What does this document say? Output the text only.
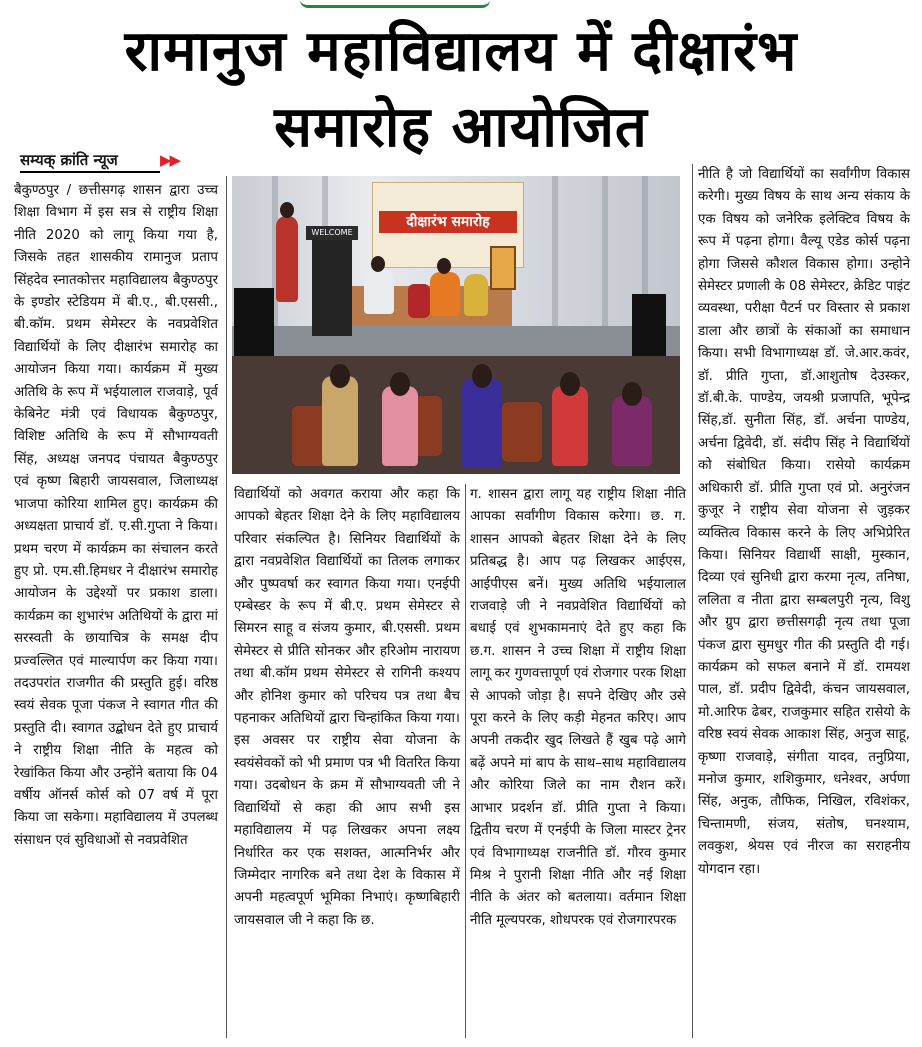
रामानुज महाविद्यालय में दीक्षारंभ
समारोह आयोजित
सम्यक् क्रांति न्यूज	▶▶
दीक्षारंभ समारोह
WELCOME
बैकुण्ठपुर / छत्तीसगढ़ शासन द्वारा उच्च शिक्षा विभाग में इस सत्र से राष्ट्रीय शिक्षा नीति 2020 को लागू किया गया है, जिसके तहत शासकीय रामानुज प्रताप सिंहदेव स्नातकोत्तर महाविद्यालय बैकुण्ठपुर के इण्डोर स्टेडियम में बी.ए., बी.एससी., बी.कॉम. प्रथम सेमेस्टर के नवप्रवेशित विद्यार्थियों के लिए दीक्षारंभ समारोह का आयोजन किया गया। कार्यक्रम में मुख्य अतिथि के रूप में भईयालाल राजवाड़े, पूर्व केबिनेट मंत्री एवं विधायक बैकुण्ठपुर, विशिष्ट अतिथि के रूप में सौभाग्यवती सिंह, अध्यक्ष जनपद पंचायत बैकुण्ठपुर एवं कृष्ण बिहारी जायसवाल, जिलाध्यक्ष भाजपा कोरिया शामिल हुए। कार्यक्रम की अध्यक्षता प्राचार्य डॉ. ए.सी.गुप्ता ने किया। प्रथम चरण में कार्यक्रम का संचालन करते हुए प्रो. एम.सी.हिमधर ने दीक्षारंभ समारोह आयोजन के उद्देश्यों पर प्रकाश डाला। कार्यक्रम का शुभारंभ अतिथियों के द्वारा मां सरस्वती के छायाचित्र के समक्ष दीप प्रज्वल्लित एवं माल्यार्पण कर किया गया। तदउपरांत राजगीत की प्रस्तुति हुई। वरिष्ठ स्वयं सेवक पूजा पंकज ने स्वागत गीत की प्रस्तुति दी। स्वागत उद्बोधन देते हुए प्राचार्य ने राष्ट्रीय शिक्षा नीति के महत्व को रेखांकित किया और उन्होंने बताया कि 04 वर्षीय ऑनर्स कोर्स को 07 वर्ष में पूरा किया जा सकेगा। महाविद्यालय में उपलब्ध संसाधन एवं सुविधाओं से नवप्रवेशित
विद्यार्थियों को अवगत कराया और कहा कि आपको बेहतर शिक्षा देने के लिए महाविद्यालय परिवार संकल्पित है। सिनियर विद्यार्थियों के द्वारा नवप्रवेशित विद्यार्थियों का तिलक लगाकर और पुष्पवर्षा कर स्वागत किया गया। एनईपी एम्बेस्डर के रूप में बी.ए. प्रथम सेमेस्टर से सिमरन साहू व संजय कुमार, बी.एससी. प्रथम सेमेस्टर से प्रीति सोनकर और हरिओम नारायण तथा बी.कॉम प्रथम सेमेस्टर से रागिनी कश्यप और होनिश कुमार को परिचय पत्र तथा बैच पहनाकर अतिथियों द्वारा चिन्हांकित किया गया। इस अवसर पर राष्ट्रीय सेवा योजना के स्वयंसेवकों को भी प्रमाण पत्र भी वितरित किया गया। उदबोधन के क्रम में सौभाग्यवती जी ने विद्यार्थियों से कहा की आप सभी इस महाविद्यालय में पढ़ लिखकर अपना लक्ष्य निर्धारित कर एक सशक्त, आत्मनिर्भर और जिम्मेदार नागरिक बने तथा देश के विकास में अपनी महत्वपूर्ण भूमिका निभाएं। कृष्णबिहारी जायसवाल जी ने कहा कि छ.
ग. शासन द्वारा लागू यह राष्ट्रीय शिक्षा नीति आपका सर्वांगीण विकास करेगा। छ. ग. शासन आपको बेहतर शिक्षा देने के लिए प्रतिबद्ध है। आप पढ़ लिखकर आईएस, आईपीएस बनें। मुख्य अतिथि भईयालाल राजवाड़े जी ने नवप्रवेशित विद्यार्थियों को बधाई एवं शुभकामनाएं देते हुए कहा कि छ.ग. शासन ने उच्च शिक्षा में राष्ट्रीय शिक्षा लागू कर गुणवत्तापूर्ण एवं रोजगार परक शिक्षा से आपको जोड़ा है। सपने देखिए और उसे पूरा करने के लिए कड़ी मेहनत करिए। आप अपनी तकदीर खुद लिखते हैं खुब पढ़े आगे बढ़ें अपने मां बाप के साथ–साथ महाविद्यालय और कोरिया जिले का नाम रौशन करें। आभार प्रदर्शन डॉ. प्रीति गुप्ता ने किया। द्वितीय चरण में एनईपी के जिला मास्टर ट्रेनर एवं विभागाध्यक्ष राजनीति डॉ. गौरव कुमार मिश्र ने पुरानी शिक्षा नीति और नई शिक्षा नीति के अंतर को बतलाया। वर्तमान शिक्षा नीति मूल्यपरक, शोधपरक एवं रोजगारपरक
नीति है जो विद्यार्थियों का सर्वांगीण विकास करेगी। मुख्य विषय के साथ अन्य संकाय के एक विषय को जनेरिक इलेक्टिव विषय के रूप में पढ़ना होगा। वैल्यू एडेड कोर्स पढ़ना होगा जिससे कौशल विकास होगा। उन्होने सेमेस्टर प्रणाली के 08 सेमेस्टर, क्रेडिट पाइंट व्यवस्था, परीक्षा पैटर्न पर विस्तार से प्रकाश डाला और छात्रों के संकाओं का समाधान किया। सभी विभागाध्यक्ष डॉ. जे.आर.कवंर, डॉ. प्रीति गुप्ता, डॉ.आशुतोष देउस्कर, डॉ.बी.के. पाण्डेय, जयश्री प्रजापति, भूपेन्द्र सिंह,डॉ. सुनीता सिंह, डॉ. अर्चना पाण्डेय, अर्चना द्विवेदी, डॉ. संदीप सिंह ने विद्यार्थियों को संबोधित किया। रासेयो कार्यक्रम अधिकारी डॉ. प्रीति गुप्ता एवं प्रो. अनुरंजन कुजूर ने राष्ट्रीय सेवा योजना से जुड़कर व्यक्तित्व विकास करने के लिए अभिप्रेरित किया। सिनियर विद्यार्थी साक्षी, मुस्कान, दिव्या एवं सुनिधी द्वारा करमा नृत्य, तनिषा, ललिता व नीता द्वारा सम्बलपुरी नृत्य, विशु और ग्रुप द्वारा छत्तीसगढ़ी नृत्य तथा पूजा पंकज द्वारा सुमधुर गीत की प्रस्तुति दी गई। कार्यक्रम को सफल बनाने में डॉ. रामयश पाल, डॉ. प्रदीप द्विवेदी, कंचन जायसवाल, मो.आरिफ ढेबर, राजकुमार सहित रासेयो के वरिष्ठ स्वयं सेवक आकाश सिंह, अनुज साहू, कृष्णा राजवाड़े, संगीता यादव, तनुप्रिया, मनोज कुमार, शशिकुमार, धनेश्वर, अर्पणा सिंह, अनुक, तौफिक, निखिल, रविशंकर, चिन्तामणी, संजय, संतोष, घनश्याम, लवकुश, श्रेयस एवं नीरज का सराहनीय योगदान रहा।
